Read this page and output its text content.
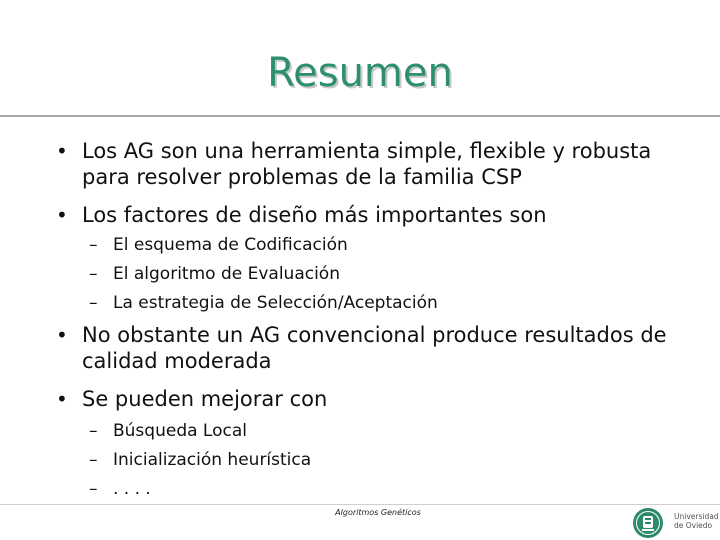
Resumen
• Los AG son una herramienta simple, flexible y robusta para resolver problemas de la familia CSP
• Los factores de diseño más importantes son
– El esquema de Codificación
– El algoritmo de Evaluación
– La estrategia de Selección/Aceptación
• No obstante un AG convencional produce resultados de calidad moderada
• Se pueden mejorar con
– Búsqueda Local
– Inicialización heurística
– . . . .
Algoritmos Genéticos	Universidad
de Oviedo
